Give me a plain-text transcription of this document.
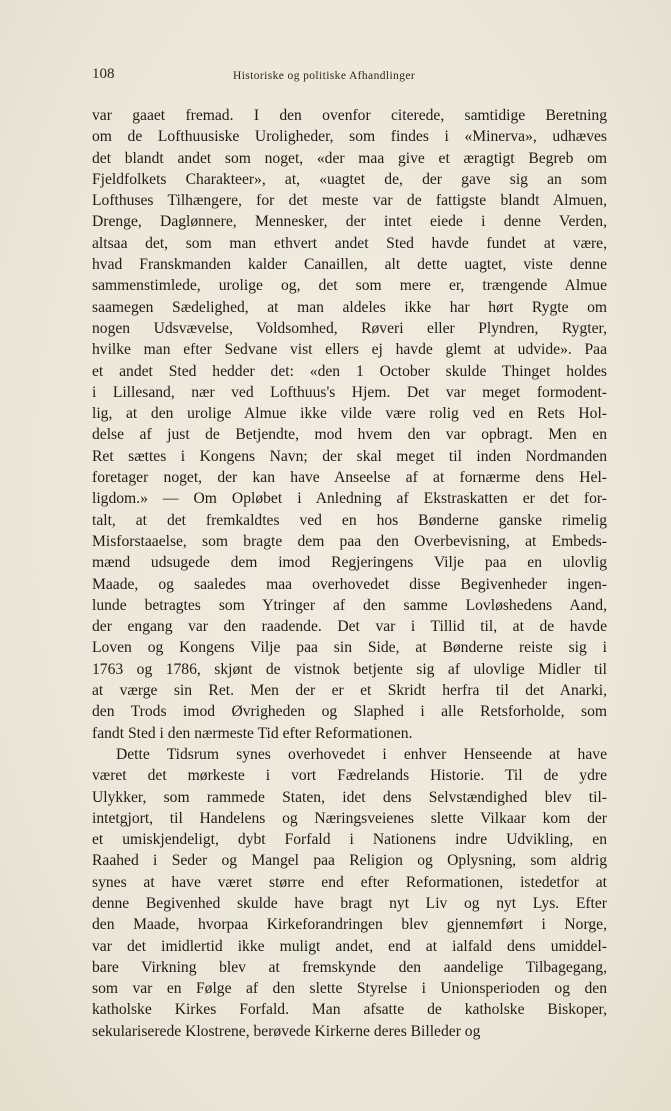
108	Historiske og politiske Afhandlinger
var gaaet fremad. I den ovenfor citerede, samtidige Beretning
om de Lofthuusiske Uroligheder, som findes i «Minerva», udhæves
det blandt andet som noget, «der maa give et æragtigt Begreb om
Fjeldfolkets Charakteer», at, «uagtet de, der gave sig an som
Lofthuses Tilhængere, for det meste var de fattigste blandt Almuen,
Drenge, Daglønnere, Mennesker, der intet eiede i denne Verden,
altsaa det, som man ethvert andet Sted havde fundet at være,
hvad Franskmanden kalder Canaillen, alt dette uagtet, viste denne
sammenstimlede, urolige og, det som mere er, trængende Almue
saamegen Sædelighed, at man aldeles ikke har hørt Rygte om
nogen Udsvævelse, Voldsomhed, Røveri eller Plyndren, Rygter,
hvilke man efter Sedvane vist ellers ej havde glemt at udvide». Paa
et andet Sted hedder det: «den 1 October skulde Thinget holdes
i Lillesand, nær ved Lofthuus's Hjem. Det var meget formodent-
lig, at den urolige Almue ikke vilde være rolig ved en Rets Hol-
delse af just de Betjendte, mod hvem den var opbragt. Men en
Ret sættes i Kongens Navn; der skal meget til inden Nordmanden
foretager noget, der kan have Anseelse af at fornærme dens Hel-
ligdom.» — Om Opløbet i Anledning af Ekstraskatten er det for-
talt, at det fremkaldtes ved en hos Bønderne ganske rimelig
Misforstaaelse, som bragte dem paa den Overbevisning, at Embeds-
mænd udsugede dem imod Regjeringens Vilje paa en ulovlig
Maade, og saaledes maa overhovedet disse Begivenheder ingen-
lunde betragtes som Ytringer af den samme Lovløshedens Aand,
der engang var den raadende. Det var i Tillid til, at de havde
Loven og Kongens Vilje paa sin Side, at Bønderne reiste sig i
1763 og 1786, skjønt de vistnok betjente sig af ulovlige Midler til
at værge sin Ret. Men der er et Skridt herfra til det Anarki,
den Trods imod Øvrigheden og Slaphed i alle Retsforholde, som
fandt Sted i den nærmeste Tid efter Reformationen.
Dette Tidsrum synes overhovedet i enhver Henseende at have
været det mørkeste i vort Fædrelands Historie. Til de ydre
Ulykker, som rammede Staten, idet dens Selvstændighed blev til-
intetgjort, til Handelens og Næringsveienes slette Vilkaar kom der
et umiskjendeligt, dybt Forfald i Nationens indre Udvikling, en
Raahed i Seder og Mangel paa Religion og Oplysning, som aldrig
synes at have været større end efter Reformationen, istedetfor at
denne Begivenhed skulde have bragt nyt Liv og nyt Lys. Efter
den Maade, hvorpaa Kirkeforandringen blev gjennemført i Norge,
var det imidlertid ikke muligt andet, end at ialfald dens umiddel-
bare Virkning blev at fremskynde den aandelige Tilbagegang,
som var en Følge af den slette Styrelse i Unionsperioden og den
katholske Kirkes Forfald. Man afsatte de katholske Biskoper,
sekulariserede Klostrene, berøvede Kirkerne deres Billeder og
